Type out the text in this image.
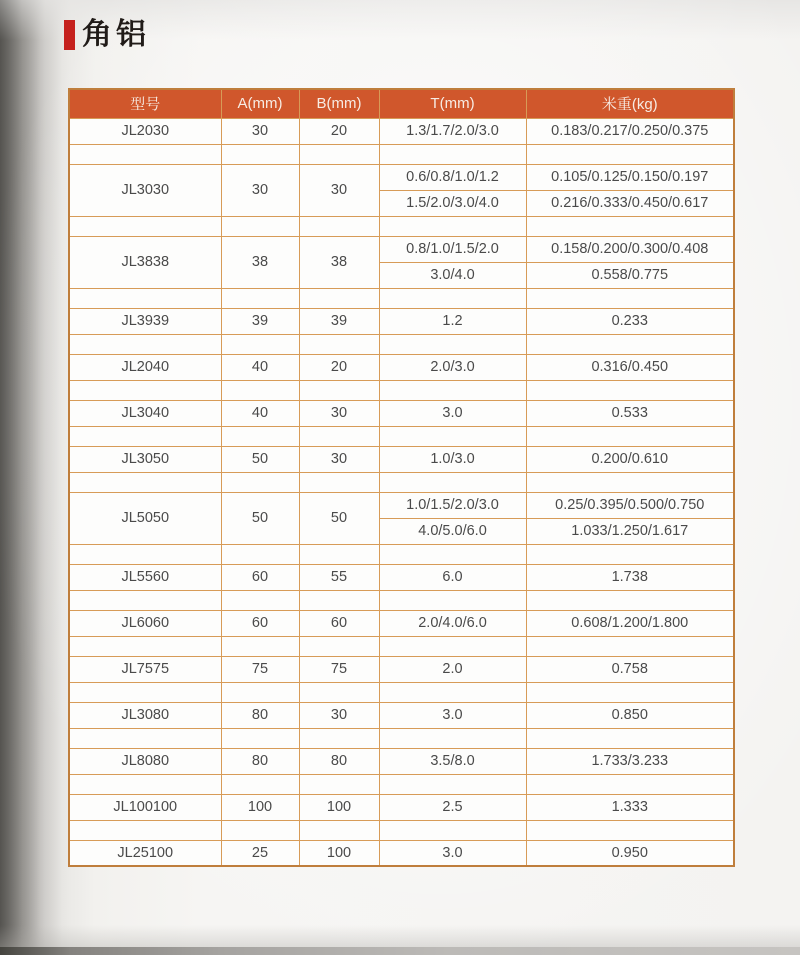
角铝
型号	A(mm)	B(mm)	T(mm)	米重(kg)
JL2030	30	20	1.3/1.7/2.0/3.0	0.183/0.217/0.250/0.375

JL3030	30	30	0.6/0.8/1.0/1.2	0.105/0.125/0.150/0.197
			1.5/2.0/3.0/4.0	0.216/0.333/0.450/0.617

JL3838	38	38	0.8/1.0/1.5/2.0	0.158/0.200/0.300/0.408
			3.0/4.0	0.558/0.775

JL3939	39	39	1.2	0.233

JL2040	40	20	2.0/3.0	0.316/0.450

JL3040	40	30	3.0	0.533

JL3050	50	30	1.0/3.0	0.200/0.610

JL5050	50	50	1.0/1.5/2.0/3.0	0.25/0.395/0.500/0.750
			4.0/5.0/6.0	1.033/1.250/1.617

JL5560	60	55	6.0	1.738

JL6060	60	60	2.0/4.0/6.0	0.608/1.200/1.800

JL7575	75	75	2.0	0.758

JL3080	80	30	3.0	0.850

JL8080	80	80	3.5/8.0	1.733/3.233

JL100100	100	100	2.5	1.333

JL25100	25	100	3.0	0.950
